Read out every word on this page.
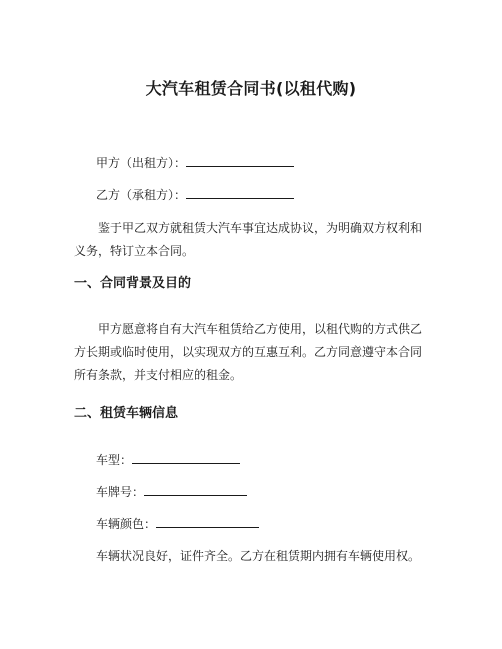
大汽车租赁合同书(以租代购)
甲方（出租方）：
乙方（承租方）：
鉴于甲乙双方就租赁大汽车事宜达成协议，为明确双方权利和义务，特订立本合同。
一、合同背景及目的
甲方愿意将自有大汽车租赁给乙方使用，以租代购的方式供乙方长期或临时使用，以实现双方的互惠互利。乙方同意遵守本合同所有条款，并支付相应的租金。
二、租赁车辆信息
车型：
车牌号：
车辆颜色：
车辆状况良好，证件齐全。乙方在租赁期内拥有车辆使用权。
